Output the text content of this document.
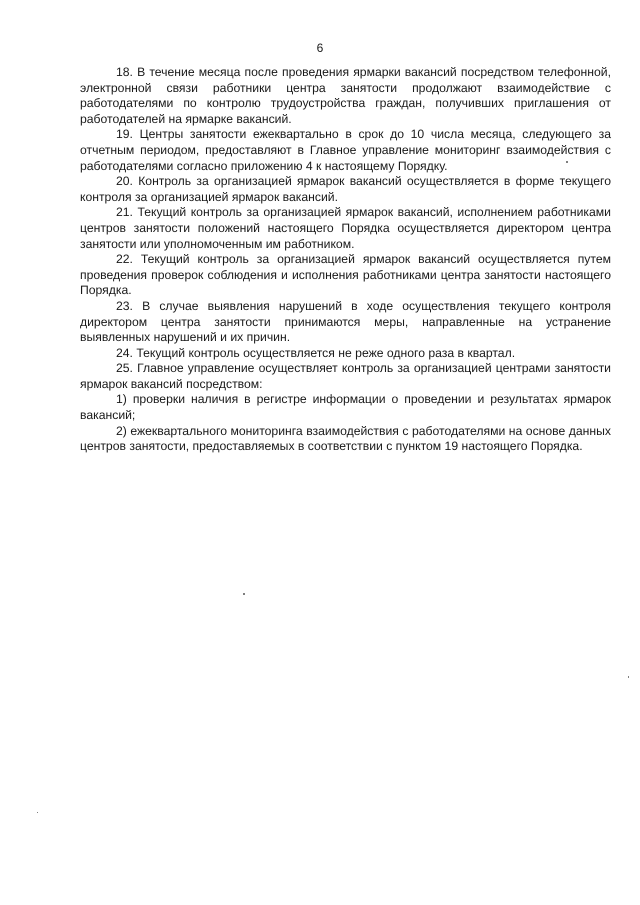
6

18. В течение месяца после проведения ярмарки вакансий посредством телефонной, электронной связи работники центра занятости продолжают взаимодействие с работодателями по контролю трудоустройства граждан, получивших приглашения от работодателей на ярмарке вакансий.

19. Центры занятости ежеквартально в срок до 10 числа месяца, следующего за отчетным периодом, предоставляют в Главное управление мониторинг взаимодействия с работодателями согласно приложению 4 к настоящему Порядку.

20. Контроль за организацией ярмарок вакансий осуществляется в форме текущего контроля за организацией ярмарок вакансий.

21. Текущий контроль за организацией ярмарок вакансий, исполнением работниками центров занятости положений настоящего Порядка осуществляется директором центра занятости или уполномоченным им работником.

22. Текущий контроль за организацией ярмарок вакансий осуществляется путем проведения проверок соблюдения и исполнения работниками центра занятости настоящего Порядка.

23. В случае выявления нарушений в ходе осуществления текущего контроля директором центра занятости принимаются меры, направленные на устранение выявленных нарушений и их причин.

24. Текущий контроль осуществляется не реже одного раза в квартал.

25. Главное управление осуществляет контроль за организацией центрами занятости ярмарок вакансий посредством:

1) проверки наличия в регистре информации о проведении и результатах ярмарок вакансий;

2) ежеквартального мониторинга взаимодействия с работодателями на основе данных центров занятости, предоставляемых в соответствии с пунктом 19 настоящего Порядка.
